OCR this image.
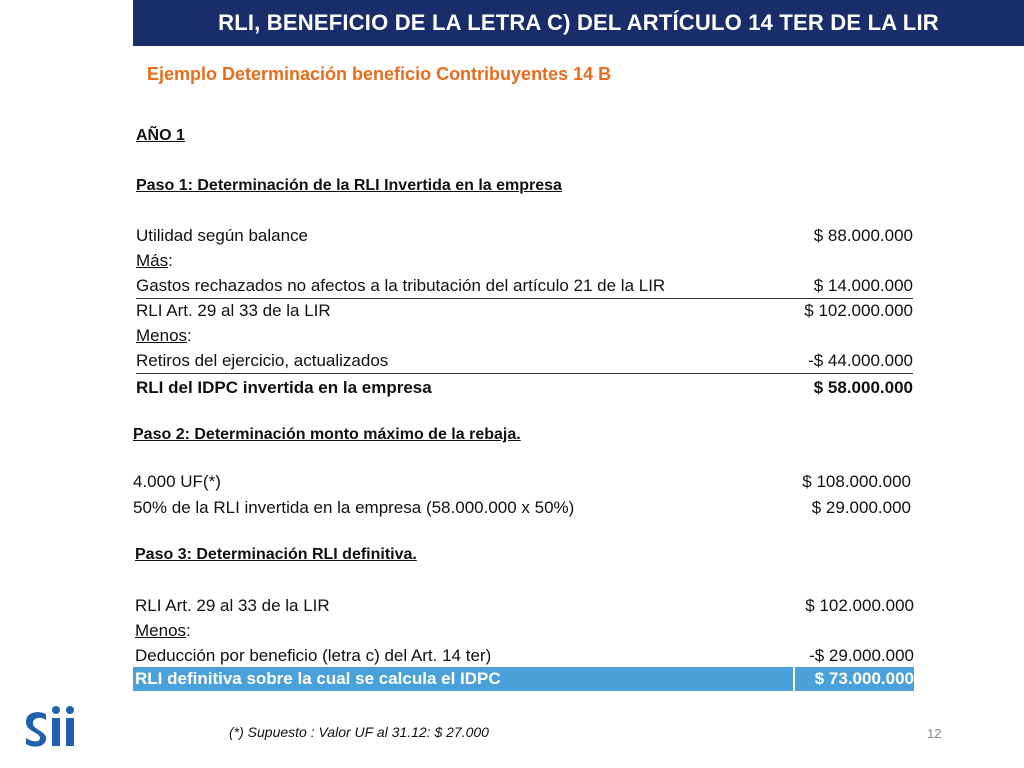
RLI, BENEFICIO DE LA LETRA C) DEL ARTÍCULO 14 TER DE LA LIR
Ejemplo Determinación beneficio Contribuyentes 14 B
AÑO 1
Paso 1: Determinación de la RLI Invertida en la empresa
Utilidad según balance	$ 88.000.000
Más:
Gastos rechazados no afectos a la tributación del artículo 21 de la LIR	$ 14.000.000
RLI Art. 29 al 33 de la LIR	$ 102.000.000
Menos:
Retiros del ejercicio, actualizados	-$ 44.000.000
RLI del IDPC invertida en la empresa	$ 58.000.000
Paso 2: Determinación monto máximo de la rebaja.
4.000 UF(*)	$ 108.000.000
50% de la RLI invertida en la empresa (58.000.000 x 50%)	$ 29.000.000
Paso 3: Determinación RLI definitiva.
RLI Art. 29 al 33 de la LIR	$ 102.000.000
Menos:
Deducción por beneficio (letra c) del Art. 14 ter)	-$ 29.000.000
RLI definitiva sobre la cual se calcula el IDPC	$ 73.000.000
sii
(*) Supuesto : Valor UF al 31.12: $ 27.000	12
